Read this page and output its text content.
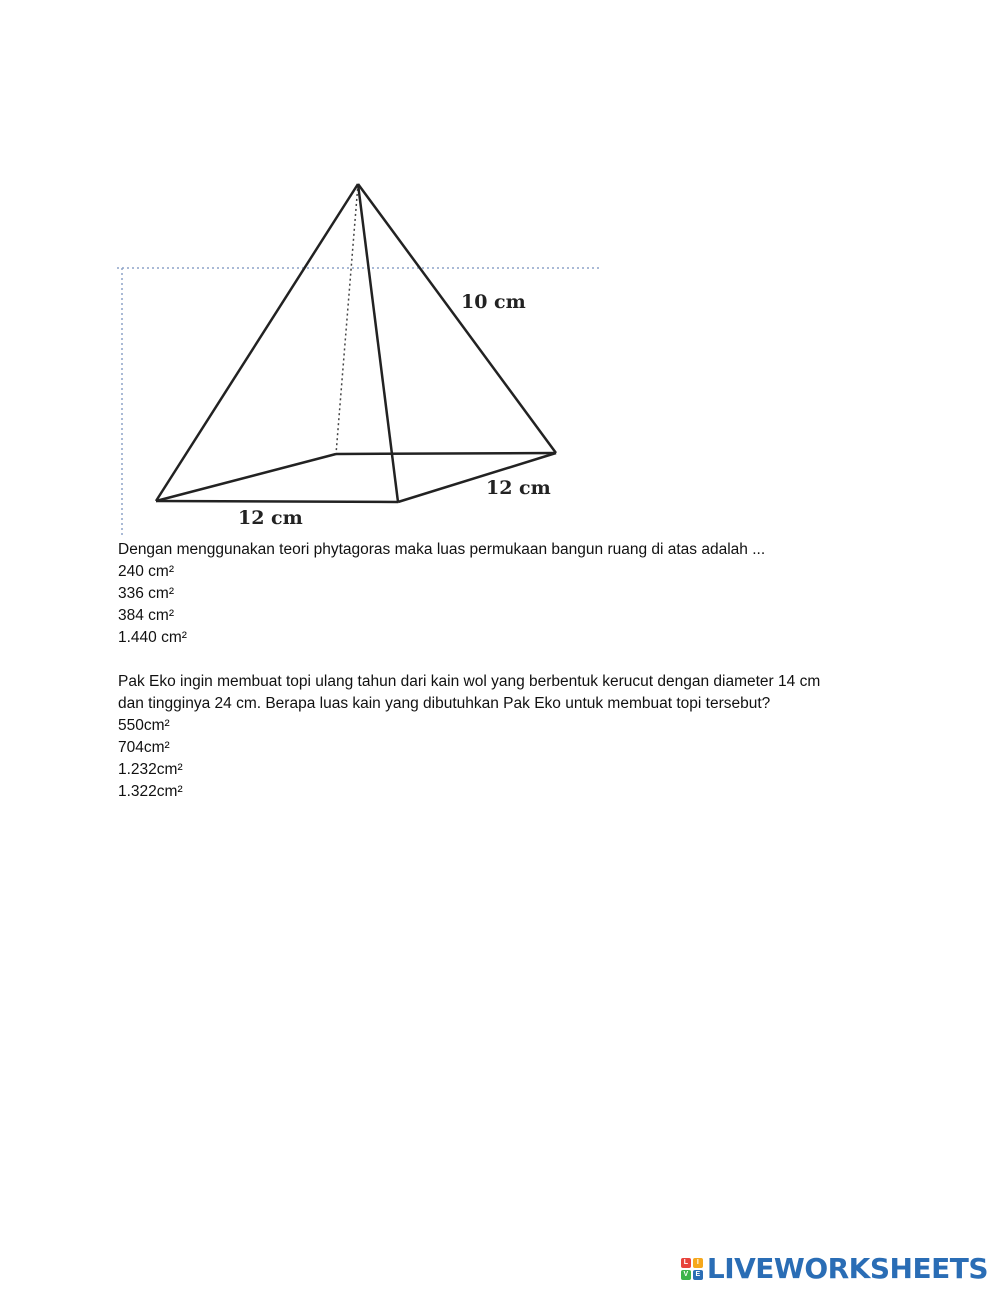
10 cm
12 cm
12 cm
Dengan menggunakan teori phytagoras maka luas permukaan bangun ruang di atas adalah ...
240 cm²
336 cm²
384 cm²
1.440 cm²
Pak Eko ingin membuat topi ulang tahun dari kain wol yang berbentuk kerucut dengan diameter 14 cm
dan tingginya 24 cm. Berapa luas kain yang dibutuhkan Pak Eko untuk membuat topi tersebut?
550cm²
704cm²
1.232cm²
1.322cm²
L	I
V	E LIVEWORKSHEETS
